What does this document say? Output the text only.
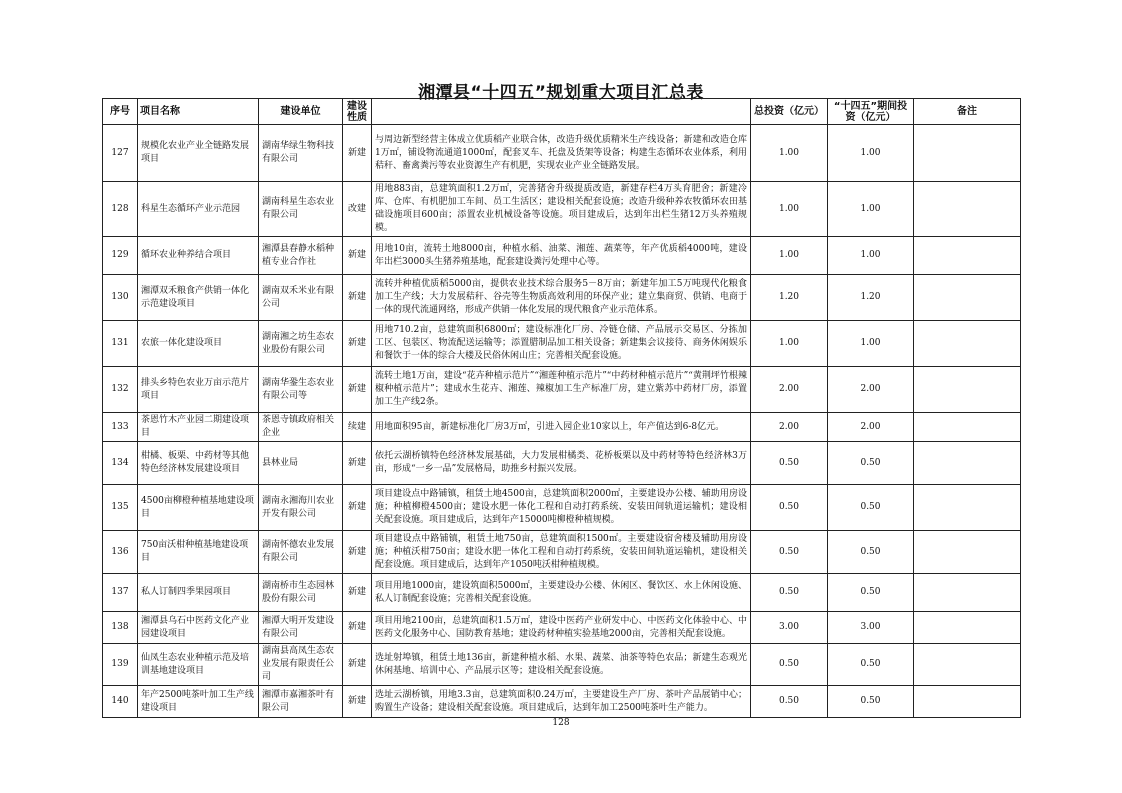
湘潭县“十四五”规划重大项目汇总表
序号	项目名称	建设单位	建设性质		总投资（亿元）	“十四五”期间投资（亿元）	备注
127	规模化农业产业全链路发展项目	湖南华绿生物科技有限公司	新建	与周边新型经营主体成立优质稻产业联合体，改造升级优质精米生产线设备；新建和改造仓库1万㎡，铺设物流通道1000㎡，配套叉车、托盘及货架等设备；构建生态循环农业体系，利用秸秆、畜禽粪污等农业资源生产有机肥，实现农业产业全链路发展。	1.00	1.00	
128	科星生态循环产业示范园	湖南科星生态农业有限公司	改建	用地883亩，总建筑面积1.2万㎡，完善猪舍升级提质改造，新建存栏4万头育肥舍；新建冷库、仓库、有机肥加工车间、员工生活区；建设相关配套设施；改造升级种养农牧循环农田基础设施项目600亩；添置农业机械设备等设施。项目建成后，达到年出栏生猪12万头养殖规模。	1.00	1.00	
129	循环农业种养结合项目	湘潭县春静水稻种植专业合作社	新建	用地10亩，流转土地8000亩，种植水稻、油菜、湘莲、蔬菜等，年产优质稻4000吨，建设年出栏3000头生猪养殖基地，配套建设粪污处理中心等。	1.00	1.00	
130	湘潭双禾粮食产供销一体化示范建设项目	湖南双禾米业有限公司	新建	流转并种植优质稻5000亩，提供农业技术综合服务5－8万亩；新建年加工5万吨现代化粮食加工生产线；大力发展秸秆、谷壳等生物质高效利用的环保产业；建立集商贸、供销、电商于一体的现代流通网络，形成产供销一体化发展的现代粮食产业示范体系。	1.20	1.20	
131	农旅一体化建设项目	湖南湘之坊生态农业股份有限公司	新建	用地710.2亩，总建筑面积6800㎡；建设标准化厂房、冷链仓储、产品展示交易区、分拣加工区、包装区、物流配送运输等；添置腊制品加工相关设备；新建集会议接待、商务休闲娱乐和餐饮于一体的综合大楼及民俗休闲山庄；完善相关配套设施。	1.00	1.00	
132	排头乡特色农业万亩示范片项目	湖南华銎生态农业有限公司等	新建	流转土地1万亩，建设“花卉种植示范片”“湘莲种植示范片”“中药材种植示范片”“黄荆坪竹根辣椒种植示范片”；建成水生花卉、湘莲、辣椒加工生产标准厂房，建立紫苏中药材厂房，添置加工生产线2条。	2.00	2.00	
133	茶恩竹木产业园二期建设项目	茶恩寺镇政府相关企业	续建	用地面积95亩，新建标准化厂房3万㎡，引进入园企业10家以上，年产值达到6-8亿元。	2.00	2.00	
134	柑橘、板栗、中药材等其他特色经济林发展建设项目	县林业局	新建	依托云湖桥镇特色经济林发展基础，大力发展柑橘类、花桥板栗以及中药材等特色经济林3万亩，形成“一乡一品”发展格局，助推乡村振兴发展。	0.50	0.50	
135	4500亩柳橙种植基地建设项目	湖南永湘海川农业开发有限公司	新建	项目建设点中路铺镇，租赁土地4500亩，总建筑面积2000㎡，主要建设办公楼、辅助用房设施；种植柳橙4500亩；建设水肥一体化工程和自动打药系统、安装田间轨道运输机；建设相关配套设施。项目建成后，达到年产15000吨柳橙种植规模。	0.50	0.50	
136	750亩沃柑种植基地建设项目	湖南怀德农业发展有限公司	新建	项目建设点中路铺镇，租赁土地750亩，总建筑面积1500㎡。主要建设宿舍楼及辅助用房设施；种植沃柑750亩；建设水肥一体化工程和自动打药系统，安装田间轨道运输机，建设相关配套设施。项目建成后，达到年产1050吨沃柑种植规模。	0.50	0.50	
137	私人订制四季果园项目	湖南桥市生态园林股份有限公司	新建	项目用地1000亩，建设筑面积5000㎡，主要建设办公楼、休闲区、餐饮区、水上休闲设施、私人订制配套设施；完善相关配套设施。	0.50	0.50	
138	湘潭县乌石中医药文化产业园建设项目	湘潭大明开发建设有限公司	新建	项目用地2100亩，总建筑面积1.5万㎡，建设中医药产业研发中心、中医药文化体验中心、中医药文化服务中心、国防教育基地；建设药材种植实验基地2000亩，完善相关配套设施。	3.00	3.00	
139	仙凤生态农业种植示范及培训基地建设项目	湖南县高凤生态农业发展有限责任公司	新建	选址射埠镇，租赁土地136亩，新建种植水稻、水果、蔬菜、油茶等特色农品；新建生态观光休闲基地、培训中心、产品展示区等；建设相关配套设施。	0.50	0.50	
140	年产2500吨茶叶加工生产线建设项目	湘潭市嘉湘茶叶有限公司	新建	选址云湖桥镇，用地3.3亩，总建筑面积0.24万㎡，主要建设生产厂房、茶叶产品展销中心；购置生产设备；建设相关配套设施。项目建成后，达到年加工2500吨茶叶生产能力。	0.50	0.50	
128
